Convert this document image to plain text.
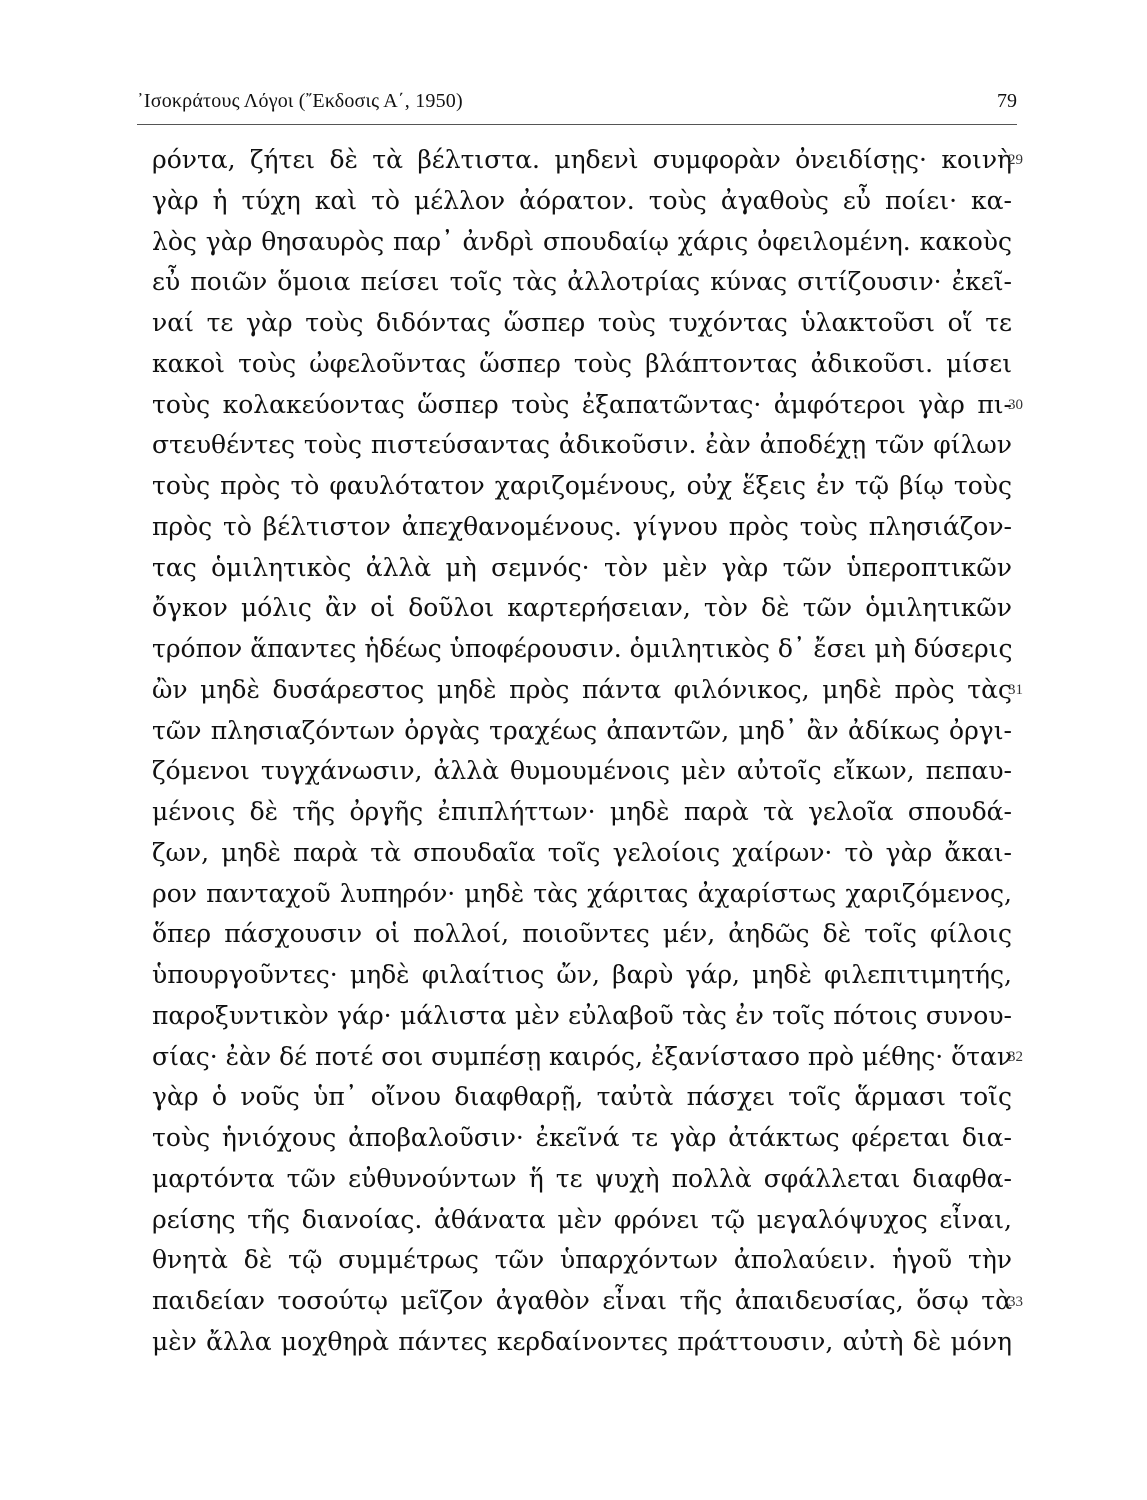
᾽Ισοκράτους Λόγοι (῎Εκδοσις Α΄, 1950)	79
ρόντα, ζήτει δὲ τὰ βέλτιστα. μηδενὶ συμφορὰν ὀνειδίσῃς· κοινὴ
γὰρ ἡ τύχη καὶ τὸ μέλλον ἀόρατον. τοὺς ἀγαθοὺς εὖ ποίει· κα-
λὸς γὰρ θησαυρὸς παρ᾽ ἀνδρὶ σπουδαίῳ χάρις ὀφειλομένη. κακοὺς
εὖ ποιῶν ὅμοια πείσει τοῖς τὰς ἀλλοτρίας κύνας σιτίζουσιν· ἐκεῖ-
ναί τε γὰρ τοὺς διδόντας ὥσπερ τοὺς τυχόντας ὑλακτοῦσι οἵ τε
κακοὶ τοὺς ὠφελοῦντας ὥσπερ τοὺς βλάπτοντας ἀδικοῦσι. μίσει
τοὺς κολακεύοντας ὥσπερ τοὺς ἐξαπατῶντας· ἀμφότεροι γὰρ πι-
στευθέντες τοὺς πιστεύσαντας ἀδικοῦσιν. ἐὰν ἀποδέχῃ τῶν φίλων
τοὺς πρὸς τὸ φαυλότατον χαριζομένους, οὐχ ἕξεις ἐν τῷ βίῳ τοὺς
πρὸς τὸ βέλτιστον ἀπεχθανομένους. γίγνου πρὸς τοὺς πλησιάζον-
τας ὁμιλητικὸς ἀλλὰ μὴ σεμνός· τὸν μὲν γὰρ τῶν ὑπεροπτικῶν
ὄγκον μόλις ἂν οἱ δοῦλοι καρτερήσειαν, τὸν δὲ τῶν ὁμιλητικῶν
τρόπον ἅπαντες ἡδέως ὑποφέρουσιν. ὁμιλητικὸς δ᾽ ἔσει μὴ δύσερις
ὢν μηδὲ δυσάρεστος μηδὲ πρὸς πάντα φιλόνικος, μηδὲ πρὸς τὰς
τῶν πλησιαζόντων ὀργὰς τραχέως ἀπαντῶν, μηδ᾽ ἂν ἀδίκως ὀργι-
ζόμενοι τυγχάνωσιν, ἀλλὰ θυμουμένοις μὲν αὐτοῖς εἴκων, πεπαυ-
μένοις δὲ τῆς ὀργῆς ἐπιπλήττων· μηδὲ παρὰ τὰ γελοῖα σπουδά-
ζων, μηδὲ παρὰ τὰ σπουδαῖα τοῖς γελοίοις χαίρων· τὸ γὰρ ἄκαι-
ρον πανταχοῦ λυπηρόν· μηδὲ τὰς χάριτας ἀχαρίστως χαριζόμενος,
ὅπερ πάσχουσιν οἱ πολλοί, ποιοῦντες μέν, ἀηδῶς δὲ τοῖς φίλοις
ὑπουργοῦντες· μηδὲ φιλαίτιος ὤν, βαρὺ γάρ, μηδὲ φιλεπιτιμητής,
παροξυντικὸν γάρ· μάλιστα μὲν εὐλαβοῦ τὰς ἐν τοῖς πότοις συνου-
σίας· ἐὰν δέ ποτέ σοι συμπέσῃ καιρός, ἐξανίστασο πρὸ μέθης· ὅταν
γὰρ ὁ νοῦς ὑπ᾽ οἴνου διαφθαρῇ, ταὐτὰ πάσχει τοῖς ἅρμασι τοῖς
τοὺς ἡνιόχους ἀποβαλοῦσιν· ἐκεῖνά τε γὰρ ἀτάκτως φέρεται δια-
μαρτόντα τῶν εὐθυνούντων ἥ τε ψυχὴ πολλὰ σφάλλεται διαφθα-
ρείσης τῆς διανοίας. ἀθάνατα μὲν φρόνει τῷ μεγαλόψυχος εἶναι,
θνητὰ δὲ τῷ συμμέτρως τῶν ὑπαρχόντων ἀπολαύειν. ἡγοῦ τὴν
παιδείαν τοσούτῳ μεῖζον ἀγαθὸν εἶναι τῆς ἀπαιδευσίας, ὅσῳ τὰ
μὲν ἄλλα μοχθηρὰ πάντες κερδαίνοντες πράττουσιν, αὐτὴ δὲ μόνη
29
30
31
32
33
